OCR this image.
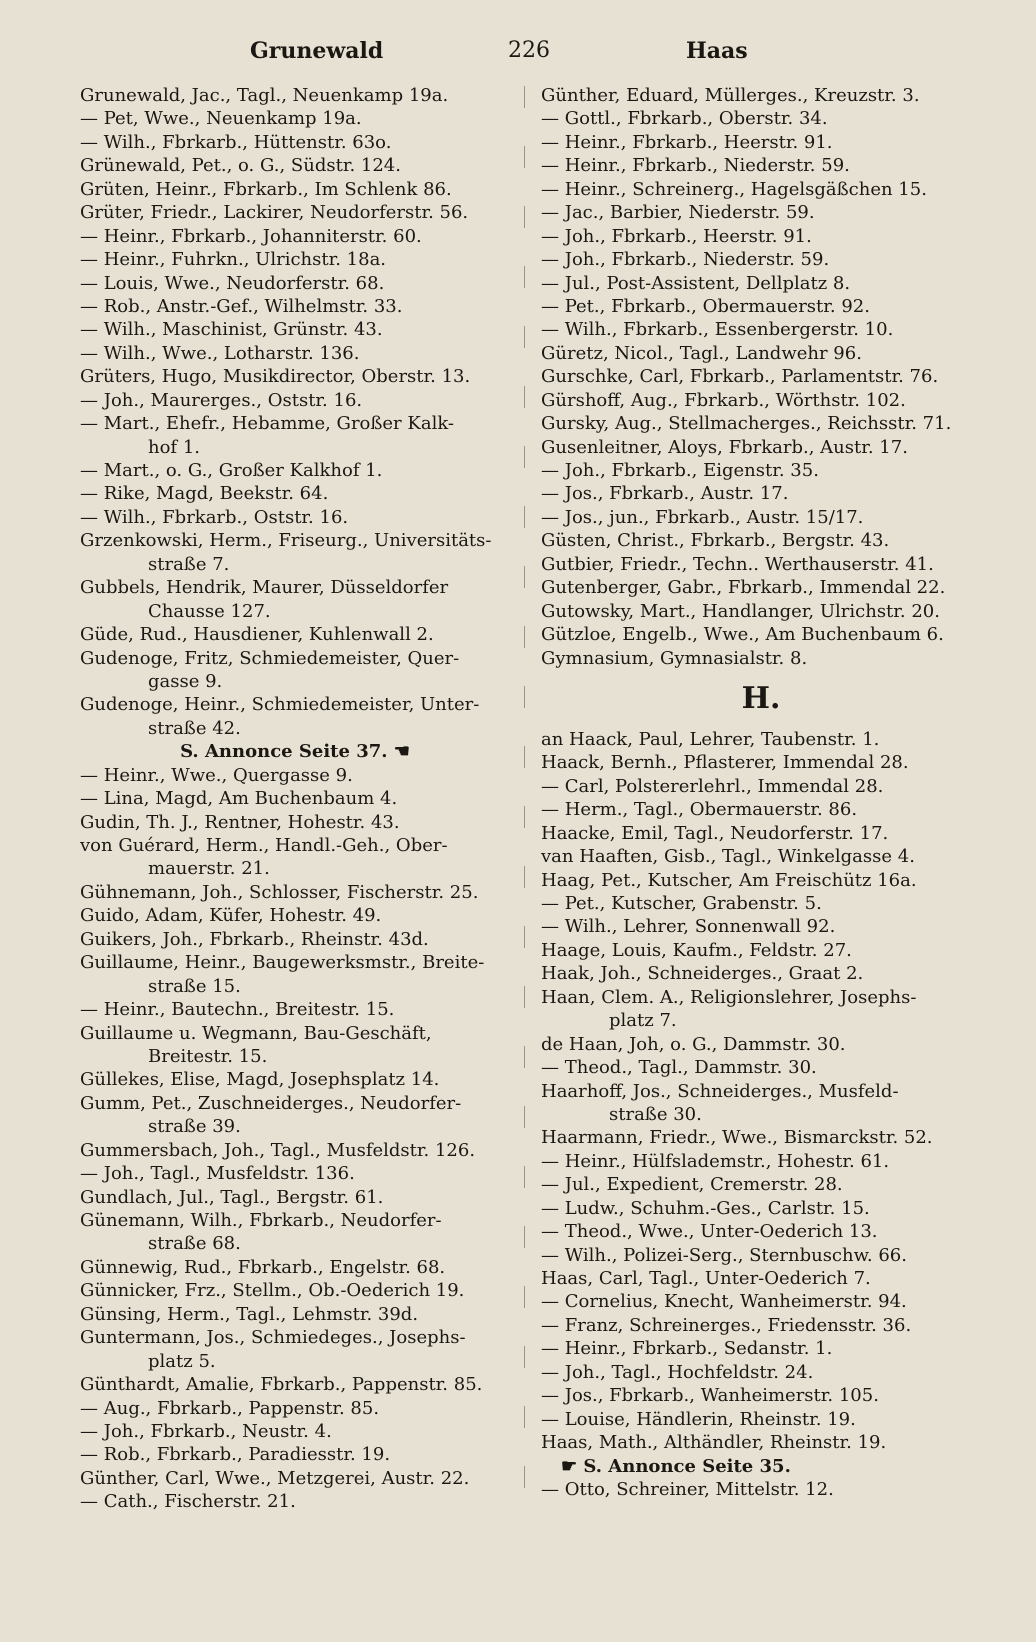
Grunewald	226	Haas
Grunewald, Jac., Tagl., Neuenkamp 19a.
— Pet, Wwe., Neuenkamp 19a.
— Wilh., Fbrkarb., Hüttenstr. 63o.
Grünewald, Pet., o. G., Südstr. 124.
Grüten, Heinr., Fbrkarb., Im Schlenk 86.
Grüter, Friedr., Lackirer, Neudorferstr. 56.
— Heinr., Fbrkarb., Johanniterstr. 60.
— Heinr., Fuhrkn., Ulrichstr. 18a.
— Louis, Wwe., Neudorferstr. 68.
— Rob., Anstr.-Gef., Wilhelmstr. 33.
— Wilh., Maschinist, Grünstr. 43.
— Wilh., Wwe., Lotharstr. 136.
Grüters, Hugo, Musikdirector, Oberstr. 13.
— Joh., Maurerges., Oststr. 16.
— Mart., Ehefr., Hebamme, Großer Kalk-
hof 1.
— Mart., o. G., Großer Kalkhof 1.
— Rike, Magd, Beekstr. 64.
— Wilh., Fbrkarb., Oststr. 16.
Grzenkowski, Herm., Friseurg., Universitäts-
straße 7.
Gubbels, Hendrik, Maurer, Düsseldorfer
Chausse 127.
Güde, Rud., Hausdiener, Kuhlenwall 2.
Gudenoge, Fritz, Schmiedemeister, Quer-
gasse 9.
Gudenoge, Heinr., Schmiedemeister, Unter-
straße 42.
S. Annonce Seite 37. ☚
— Heinr., Wwe., Quergasse 9.
— Lina, Magd, Am Buchenbaum 4.
Gudin, Th. J., Rentner, Hohestr. 43.
von Guérard, Herm., Handl.-Geh., Ober-
mauerstr. 21.
Gühnemann, Joh., Schlosser, Fischerstr. 25.
Guido, Adam, Küfer, Hohestr. 49.
Guikers, Joh., Fbrkarb., Rheinstr. 43d.
Guillaume, Heinr., Baugewerksmstr., Breite-
straße 15.
— Heinr., Bautechn., Breitestr. 15.
Guillaume u. Wegmann, Bau-Geschäft,
Breitestr. 15.
Güllekes, Elise, Magd, Josephsplatz 14.
Gumm, Pet., Zuschneiderges., Neudorfer-
straße 39.
Gummersbach, Joh., Tagl., Musfeldstr. 126.
— Joh., Tagl., Musfeldstr. 136.
Gundlach, Jul., Tagl., Bergstr. 61.
Günemann, Wilh., Fbrkarb., Neudorfer-
straße 68.
Günnewig, Rud., Fbrkarb., Engelstr. 68.
Günnicker, Frz., Stellm., Ob.-Oederich 19.
Günsing, Herm., Tagl., Lehmstr. 39d.
Guntermann, Jos., Schmiedeges., Josephs-
platz 5.
Günthardt, Amalie, Fbrkarb., Pappenstr. 85.
— Aug., Fbrkarb., Pappenstr. 85.
— Joh., Fbrkarb., Neustr. 4.
— Rob., Fbrkarb., Paradiesstr. 19.
Günther, Carl, Wwe., Metzgerei, Austr. 22.
— Cath., Fischerstr. 21.
Günther, Eduard, Müllerges., Kreuzstr. 3.
— Gottl., Fbrkarb., Oberstr. 34.
— Heinr., Fbrkarb., Heerstr. 91.
— Heinr., Fbrkarb., Niederstr. 59.
— Heinr., Schreinerg., Hagelsgäßchen 15.
— Jac., Barbier, Niederstr. 59.
— Joh., Fbrkarb., Heerstr. 91.
— Joh., Fbrkarb., Niederstr. 59.
— Jul., Post-Assistent, Dellplatz 8.
— Pet., Fbrkarb., Obermauerstr. 92.
— Wilh., Fbrkarb., Essenbergerstr. 10.
Güretz, Nicol., Tagl., Landwehr 96.
Gurschke, Carl, Fbrkarb., Parlamentstr. 76.
Gürshoff, Aug., Fbrkarb., Wörthstr. 102.
Gursky, Aug., Stellmacherges., Reichsstr. 71.
Gusenleitner, Aloys, Fbrkarb., Austr. 17.
— Joh., Fbrkarb., Eigenstr. 35.
— Jos., Fbrkarb., Austr. 17.
— Jos., jun., Fbrkarb., Austr. 15/17.
Güsten, Christ., Fbrkarb., Bergstr. 43.
Gutbier, Friedr., Techn.. Werthauserstr. 41.
Gutenberger, Gabr., Fbrkarb., Immendal 22.
Gutowsky, Mart., Handlanger, Ulrichstr. 20.
Gützloe, Engelb., Wwe., Am Buchenbaum 6.
Gymnasium, Gymnasialstr. 8.
H.
an Haack, Paul, Lehrer, Taubenstr. 1.
Haack, Bernh., Pflasterer, Immendal 28.
— Carl, Polstererlehrl., Immendal 28.
— Herm., Tagl., Obermauerstr. 86.
Haacke, Emil, Tagl., Neudorferstr. 17.
van Haaften, Gisb., Tagl., Winkelgasse 4.
Haag, Pet., Kutscher, Am Freischütz 16a.
— Pet., Kutscher, Grabenstr. 5.
— Wilh., Lehrer, Sonnenwall 92.
Haage, Louis, Kaufm., Feldstr. 27.
Haak, Joh., Schneiderges., Graat 2.
Haan, Clem. A., Religionslehrer, Josephs-
platz 7.
de Haan, Joh, o. G., Dammstr. 30.
— Theod., Tagl., Dammstr. 30.
Haarhoff, Jos., Schneiderges., Musfeld-
straße 30.
Haarmann, Friedr., Wwe., Bismarckstr. 52.
— Heinr., Hülfslademstr., Hohestr. 61.
— Jul., Expedient, Cremerstr. 28.
— Ludw., Schuhm.-Ges., Carlstr. 15.
— Theod., Wwe., Unter-Oederich 13.
— Wilh., Polizei-Serg., Sternbuschw. 66.
Haas, Carl, Tagl., Unter-Oederich 7.
— Cornelius, Knecht, Wanheimerstr. 94.
— Franz, Schreinerges., Friedensstr. 36.
— Heinr., Fbrkarb., Sedanstr. 1.
— Joh., Tagl., Hochfeldstr. 24.
— Jos., Fbrkarb., Wanheimerstr. 105.
— Louise, Händlerin, Rheinstr. 19.
Haas, Math., Althändler, Rheinstr. 19.
☛ S. Annonce Seite 35.
— Otto, Schreiner, Mittelstr. 12.
